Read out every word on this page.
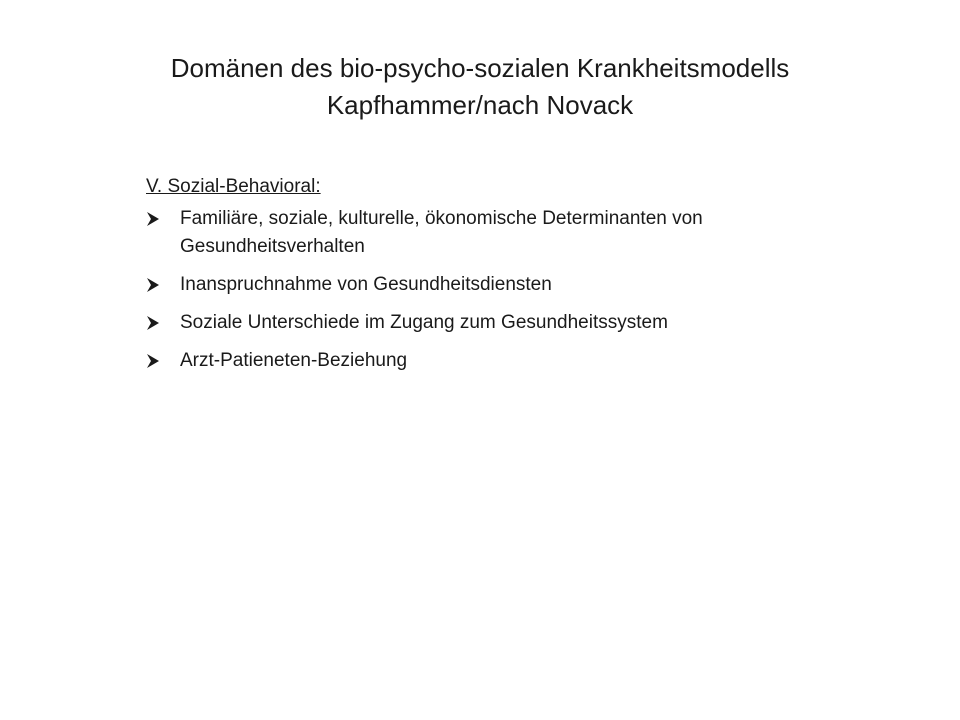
Domänen des bio-psycho-sozialen Krankheitsmodells
Kapfhammer/nach Novack
V. Sozial-Behavioral:
Familiäre, soziale, kulturelle, ökonomische Determinanten von Gesundheitsverhalten
Inanspruchnahme von Gesundheitsdiensten
Soziale Unterschiede im Zugang zum Gesundheitssystem
Arzt-Patieneten-Beziehung
